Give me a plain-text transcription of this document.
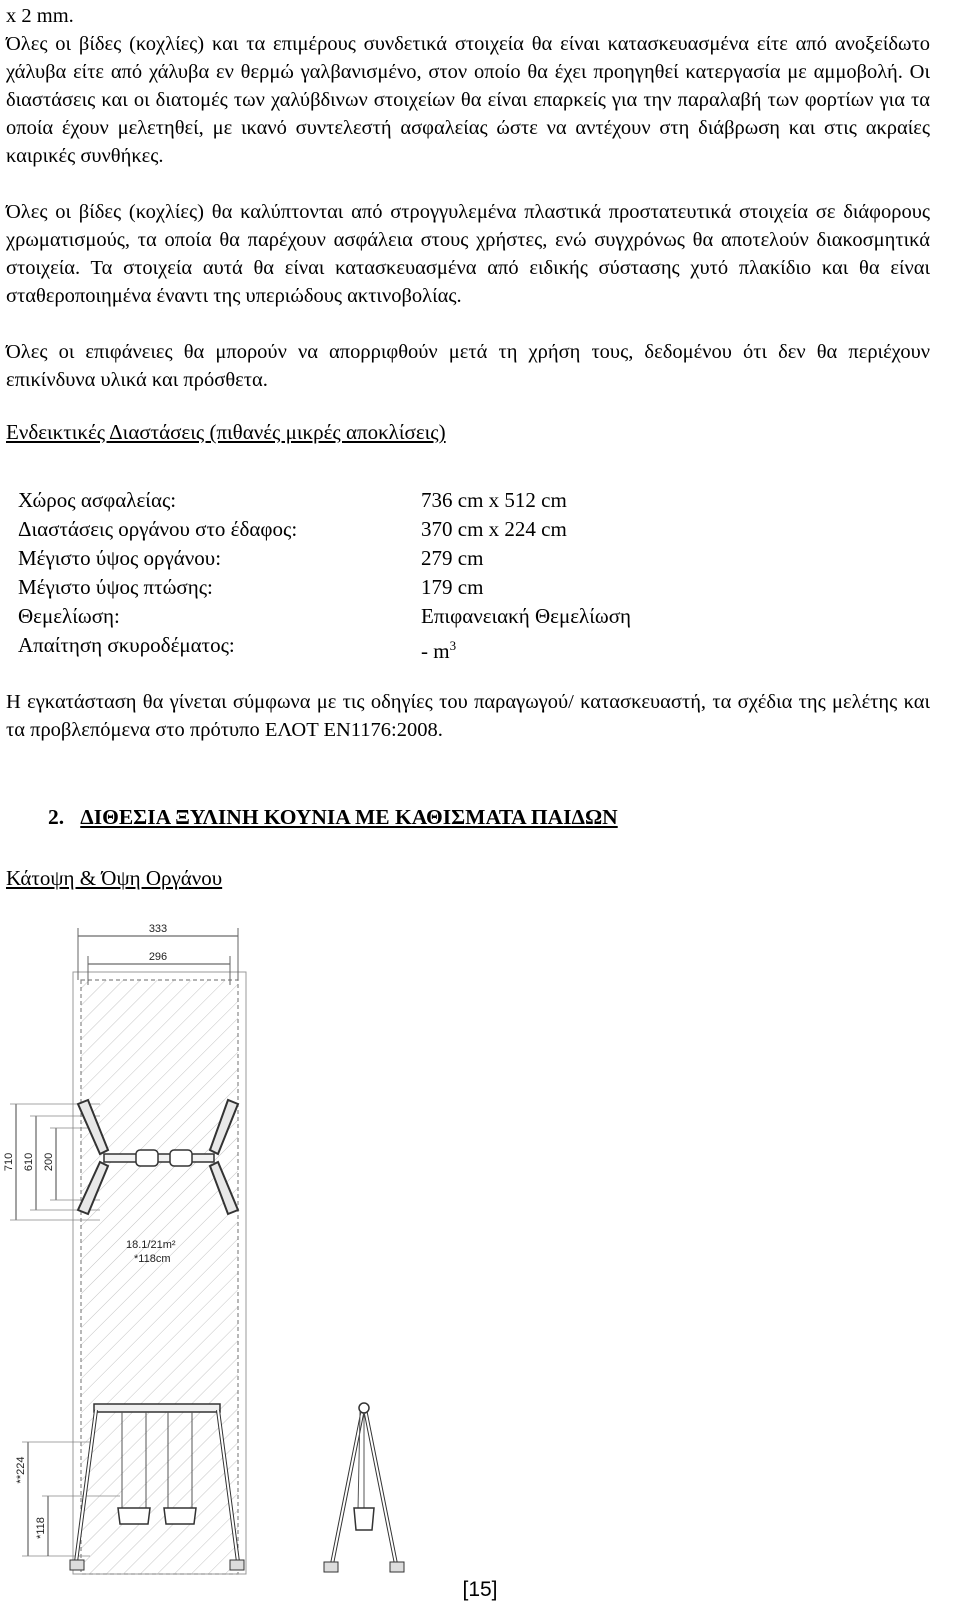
x 2 mm.

Όλες οι βίδες (κοχλίες) και τα επιμέρους συνδετικά στοιχεία θα είναι κατασκευασμένα είτε από ανοξείδωτο χάλυβα είτε από χάλυβα εν θερμώ γαλβανισμένο, στον οποίο θα έχει προηγηθεί κατεργασία με αμμοβολή. Οι διαστάσεις και οι διατομές των χαλύβδινων στοιχείων θα είναι επαρκείς για την παραλαβή των φορτίων για τα οποία έχουν μελετηθεί, με ικανό συντελεστή ασφαλείας ώστε να αντέχουν στη διάβρωση και στις ακραίες καιρικές συνθήκες.

Όλες οι βίδες (κοχλίες) θα καλύπτονται από στρογγυλεμένα πλαστικά προστατευτικά στοιχεία σε διάφορους χρωματισμούς, τα οποία θα παρέχουν ασφάλεια στους χρήστες, ενώ συγχρόνως θα αποτελούν διακοσμητικά στοιχεία. Τα στοιχεία αυτά θα είναι κατασκευασμένα από ειδικής σύστασης χυτό πλακίδιο και θα είναι σταθεροποιημένα έναντι της υπεριώδους ακτινοβολίας.

Όλες οι επιφάνειες θα μπορούν να απορριφθούν μετά τη χρήση τους, δεδομένου ότι δεν θα περιέχουν επικίνδυνα υλικά και πρόσθετα.

Ενδεικτικές Διαστάσεις (πιθανές μικρές αποκλίσεις)

Χώρος ασφαλείας:	736 cm x 512 cm
Διαστάσεις οργάνου στο έδαφος:	370 cm x 224 cm
Μέγιστο ύψος οργάνου:	279 cm
Μέγιστο ύψος πτώσης:	179 cm
Θεμελίωση:	Επιφανειακή Θεμελίωση
Απαίτηση σκυροδέματος:	- $m^3$

Η εγκατάσταση θα γίνεται σύμφωνα με τις οδηγίες του παραγωγού/ κατασκευαστή, τα σχέδια της μελέτης και τα προβλεπόμενα στο πρότυπο ΕΛΟΤ ΕΝ1176:2008.

2. ΔΙΘΕΣΙΑ ΞΥΛΙΝΗ ΚΟΥΝΙΑ ΜΕ ΚΑΘΙΣΜΑΤΑ ΠΑΙΔΩΝ

Κάτοψη & Όψη Οργάνου

333
296
710 610 200
18.1/21m²
*118cm
**224
*118
[15]
